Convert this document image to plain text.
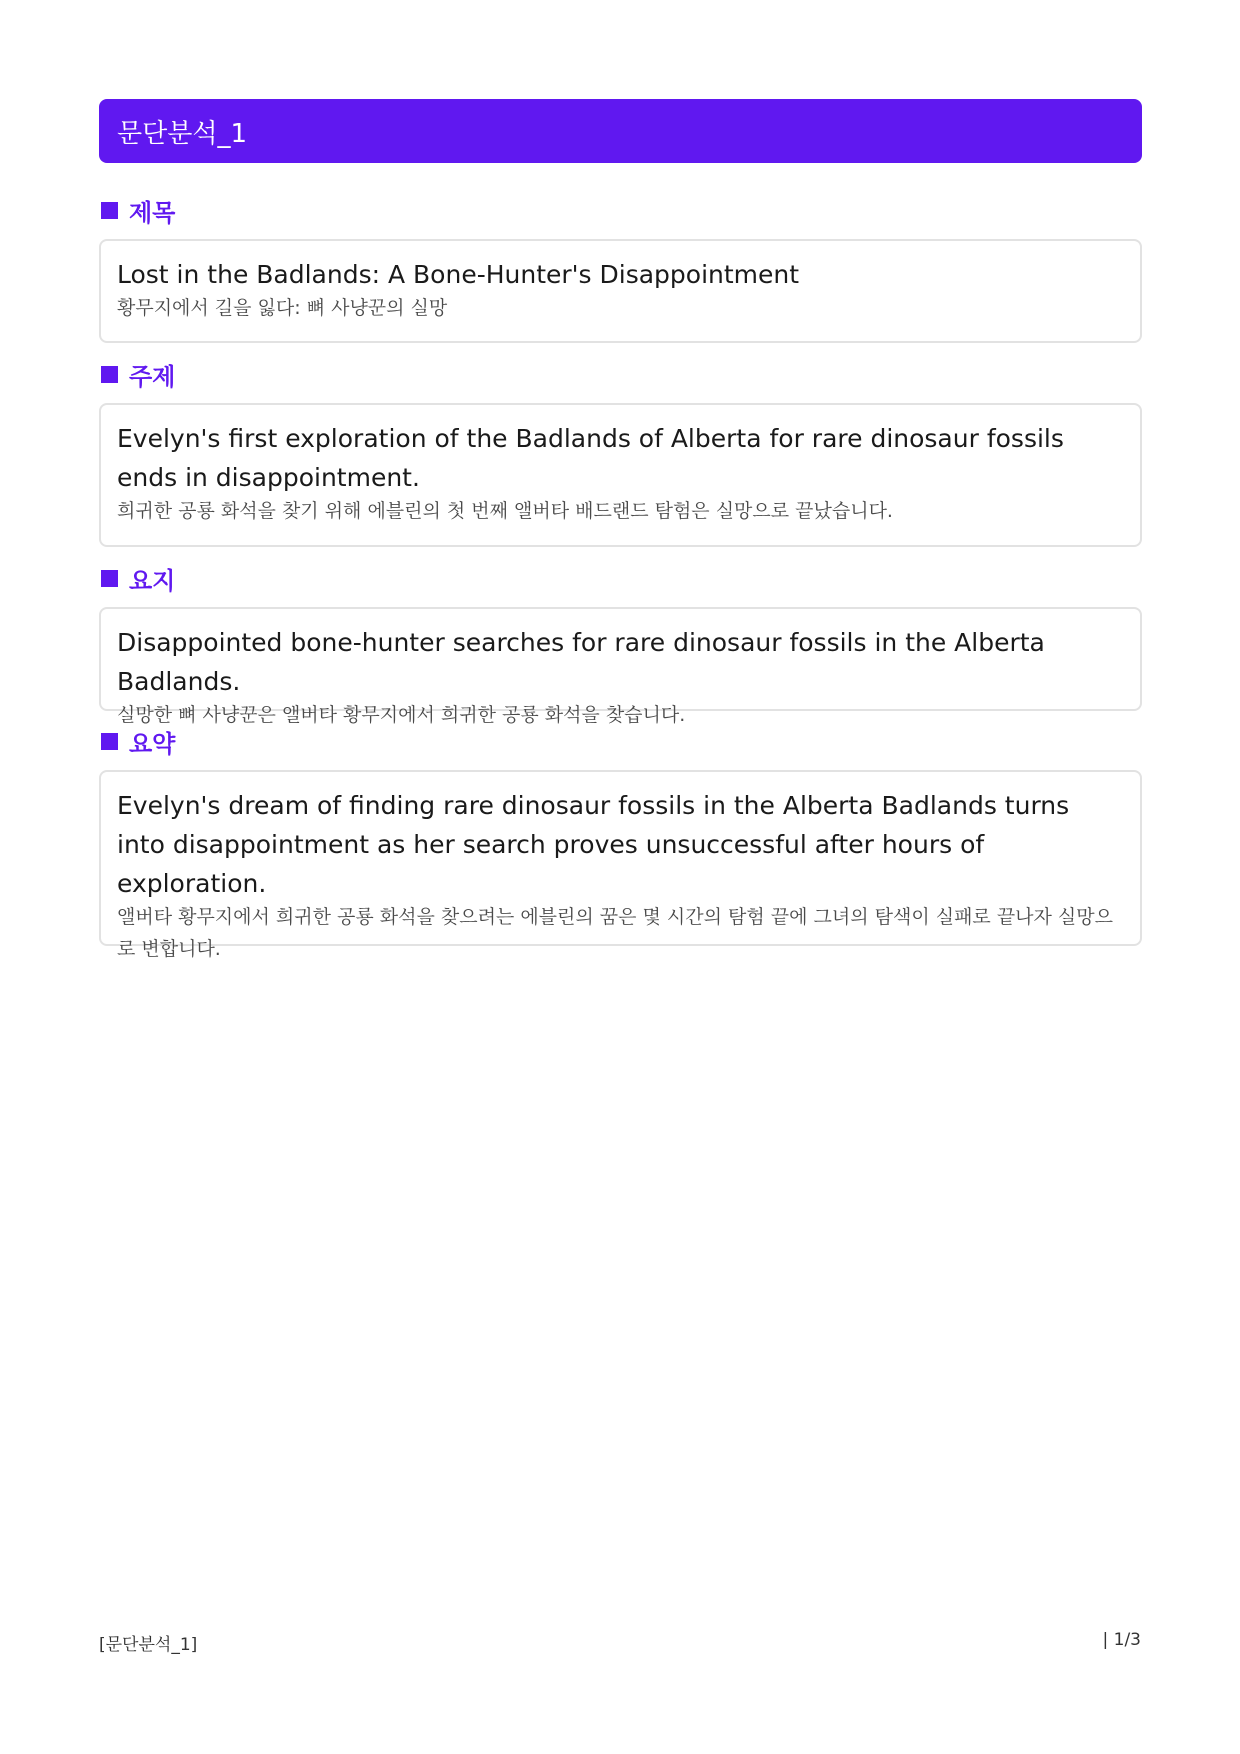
문단분석_1
제목
Lost in the Badlands: A Bone-Hunter's Disappointment
황무지에서 길을 잃다: 뼈 사냥꾼의 실망
주제
Evelyn's first exploration of the Badlands of Alberta for rare dinosaur fossils ends in disappointment.
희귀한 공룡 화석을 찾기 위해 에블린의 첫 번째 앨버타 배드랜드 탐험은 실망으로 끝났습니다.
요지
Disappointed bone-hunter searches for rare dinosaur fossils in the Alberta Badlands.
실망한 뼈 사냥꾼은 앨버타 황무지에서 희귀한 공룡 화석을 찾습니다.
요약
Evelyn's dream of finding rare dinosaur fossils in the Alberta Badlands turns into disappointment as her search proves unsuccessful after hours of exploration.
앨버타 황무지에서 희귀한 공룡 화석을 찾으려는 에블린의 꿈은 몇 시간의 탐험 끝에 그녀의 탐색이 실패로 끝나자 실망으로 변합니다.
[문단분석_1]	| 1/3
